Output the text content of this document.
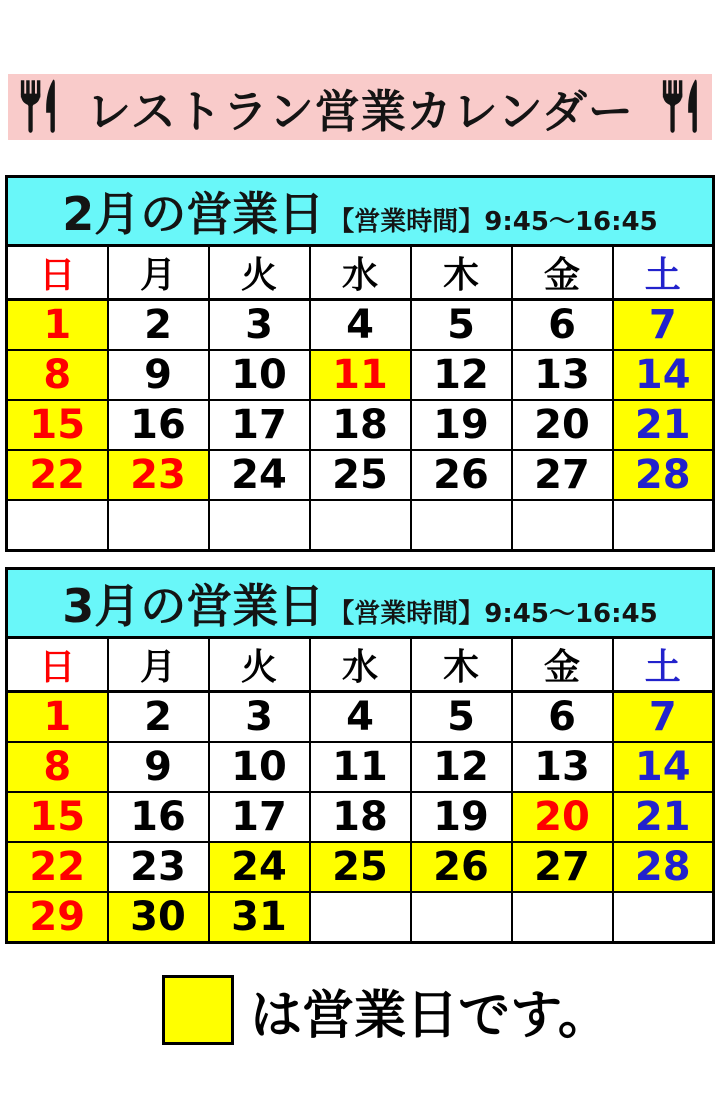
レストラン営業カレンダー
2月の営業日 【営業時間】9:45～16:45						
日	月	火	水	木	金	土
1	2	3	4	5	6	7
8	9	10	11	12	13	14
15	16	17	18	19	20	21
22	23	24	25	26	27	28

3月の営業日 【営業時間】9:45～16:45						
日	月	火	水	木	金	土
1	2	3	4	5	6	7
8	9	10	11	12	13	14
15	16	17	18	19	20	21
22	23	24	25	26	27	28
29	30	31				
は営業日です。
